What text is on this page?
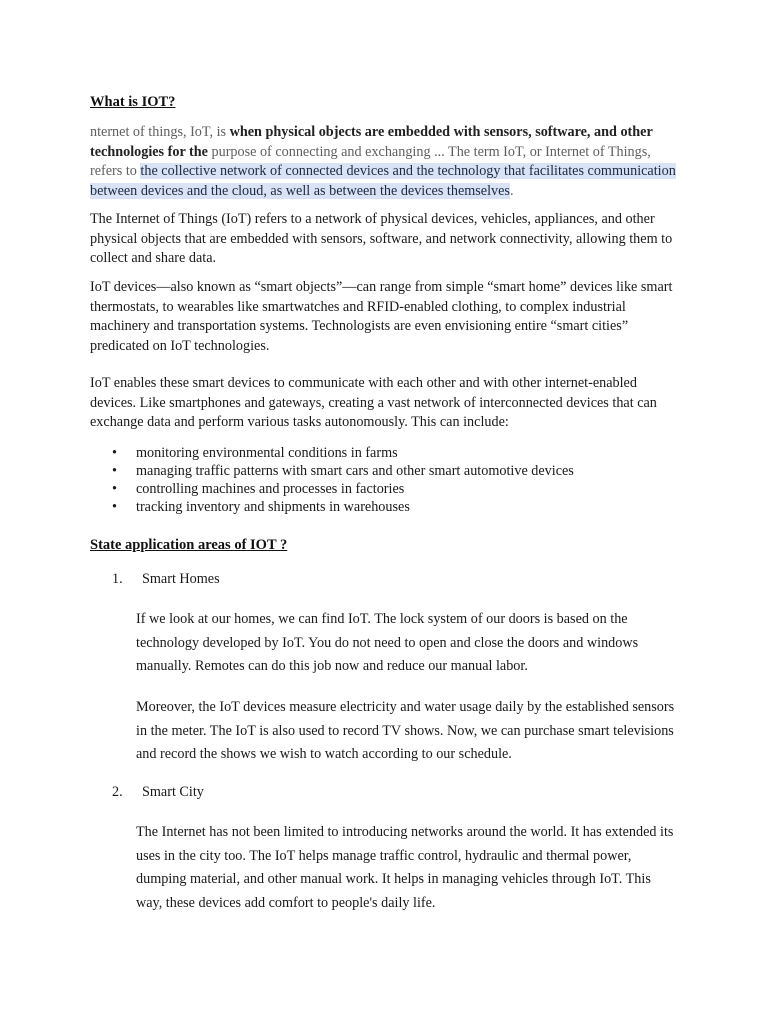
What is IOT?
nternet of things, IoT, is when physical objects are embedded with sensors, software, and other technologies for the purpose of connecting and exchanging ... The term IoT, or Internet of Things, refers to the collective network of connected devices and the technology that facilitates communication between devices and the cloud, as well as between the devices themselves.
The Internet of Things (IoT) refers to a network of physical devices, vehicles, appliances, and other physical objects that are embedded with sensors, software, and network connectivity, allowing them to collect and share data.
IoT devices—also known as “smart objects”—can range from simple “smart home” devices like smart thermostats, to wearables like smartwatches and RFID-enabled clothing, to complex industrial machinery and transportation systems. Technologists are even envisioning entire “smart cities” predicated on IoT technologies.
IoT enables these smart devices to communicate with each other and with other internet-enabled devices. Like smartphones and gateways, creating a vast network of interconnected devices that can exchange data and perform various tasks autonomously. This can include:
• monitoring environmental conditions in farms
• managing traffic patterns with smart cars and other smart automotive devices
• controlling machines and processes in factories
• tracking inventory and shipments in warehouses
State application areas of IOT ?
1. Smart Homes
If we look at our homes, we can find IoT. The lock system of our doors is based on the technology developed by IoT. You do not need to open and close the doors and windows manually. Remotes can do this job now and reduce our manual labor.
Moreover, the IoT devices measure electricity and water usage daily by the established sensors in the meter. The IoT is also used to record TV shows. Now, we can purchase smart televisions and record the shows we wish to watch according to our schedule.
2. Smart City
The Internet has not been limited to introducing networks around the world. It has extended its uses in the city too. The IoT helps manage traffic control, hydraulic and thermal power, dumping material, and other manual work. It helps in managing vehicles through IoT. This way, these devices add comfort to people's daily life.
